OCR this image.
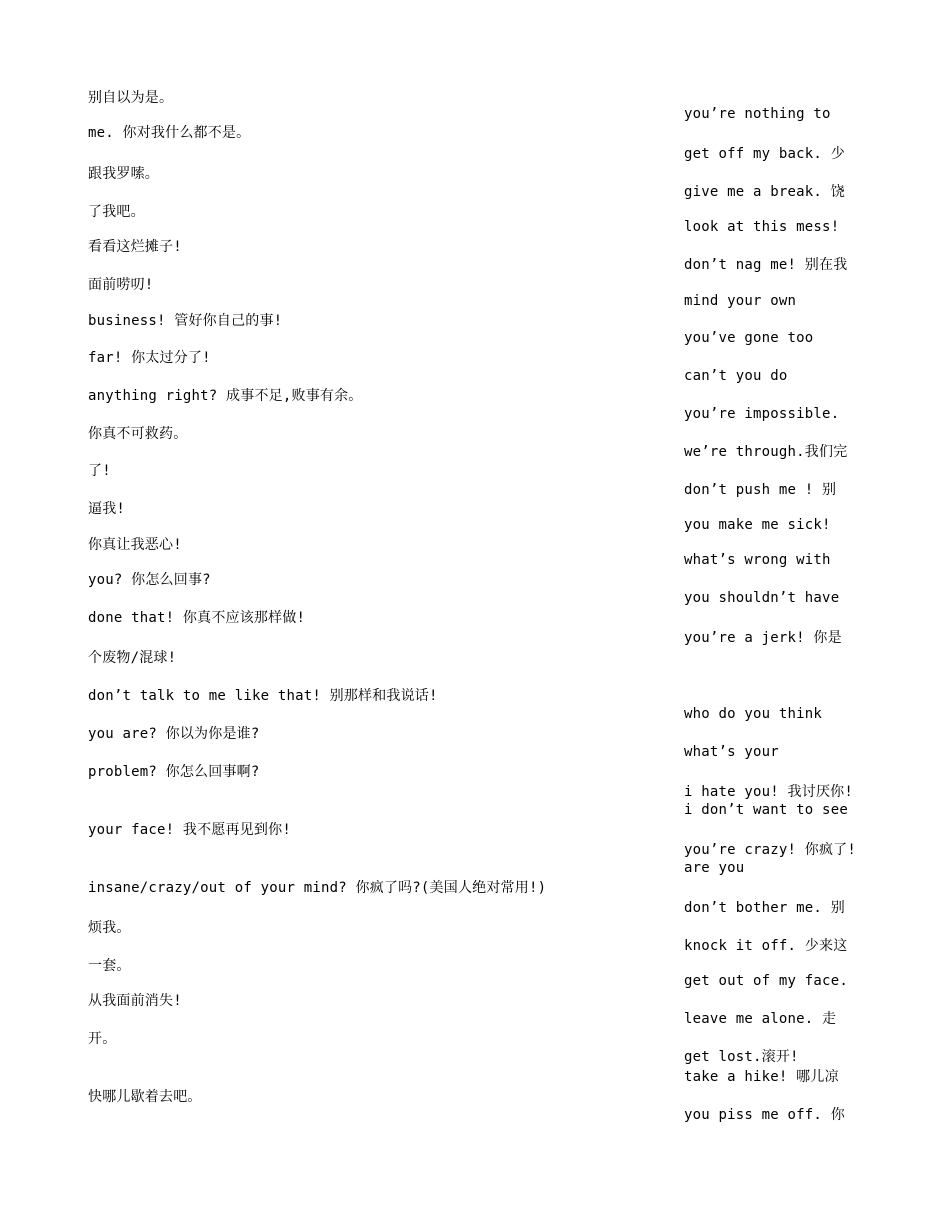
别自以为是。
me. 你对我什么都不是。
跟我罗嗦。
了我吧。
看看这烂摊子!
面前唠叨!
business! 管好你自己的事!
far! 你太过分了!
anything right? 成事不足,败事有余。
你真不可救药。
了!
逼我!
你真让我恶心!
you? 你怎么回事?
done that! 你真不应该那样做!
个废物/混球!
don’t talk to me like that! 别那样和我说话!
you are? 你以为你是谁?
problem? 你怎么回事啊?
your face! 我不愿再见到你!
insane/crazy/out of your mind? 你疯了吗?(美国人绝对常用!)
烦我。
一套。
从我面前消失!
开。
快哪儿歇着去吧。
you’re nothing to
get off my back. 少
give me a break. 饶
look at this mess!
don’t nag me! 别在我
mind your own
you’ve gone too
can’t you do
you’re impossible.
we’re through.我们完
don’t push me ! 别
you make me sick!
what’s wrong with
you shouldn’t have
you’re a jerk! 你是
who do you think
what’s your
i hate you! 我讨厌你!
i don’t want to see
you’re crazy! 你疯了!
are you
don’t bother me. 别
knock it off. 少来这
get out of my face.
leave me alone. 走
get lost.滚开!
take a hike! 哪儿凉
you piss me off. 你
